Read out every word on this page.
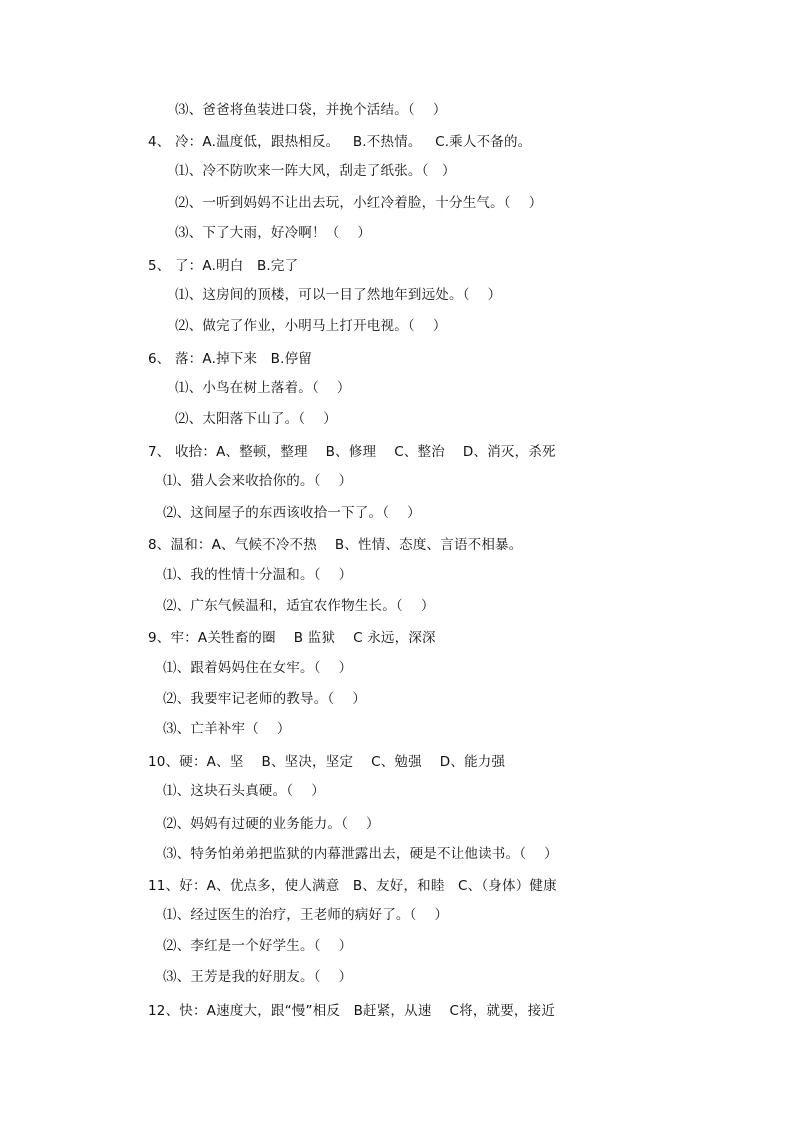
⑶、爸爸将鱼装进口袋，并挽个活结。（    ）
4、 冷：A.温度低，跟热相反。   B.不热情。   C.乘人不备的。
⑴、冷不防吹来一阵大风，刮走了纸张。（   ）
⑵、一听到妈妈不让出去玩，小红冷着脸，十分生气。（    ）
⑶、下了大雨，好冷啊！（    ）
5、 了：A.明白   B.完了
⑴、这房间的顶楼，可以一目了然地年到远处。（    ）
⑵、做完了作业，小明马上打开电视。（    ）
6、 落：A.掉下来   B.停留
⑴、小鸟在树上落着。（    ）
⑵、太阳落下山了。（    ）
7、 收拾：A、整顿，整理    B、修理    C、整治    D、消灭，杀死
⑴、猎人会来收拾你的。（    ）
⑵、这间屋子的东西该收拾一下了。（    ）
8、温和：A、气候不冷不热    B、性情、态度、言语不相暴。
⑴、我的性情十分温和。（    ）
⑵、广东气候温和，适宜农作物生长。（    ）
9、牢：A关牲畜的圈    B 监狱    C 永远，深深
⑴、跟着妈妈住在女牢。（    ）
⑵、我要牢记老师的教导。（    ）
⑶、亡羊补牢（    ）
10、硬：A、坚    B、坚决，坚定    C、勉强    D、能力强
⑴、这块石头真硬。（    ）
⑵、妈妈有过硬的业务能力。（    ）
⑶、特务怕弟弟把监狱的内幕泄露出去，硬是不让他读书。（    ）
11、好：A、优点多，使人满意   B、友好，和睦   C、（身体）健康
⑴、经过医生的治疗，王老师的病好了。（    ）
⑵、李红是一个好学生。（    ）
⑶、王芳是我的好朋友。（    ）
12、快：A速度大，跟“慢”相反   B赶紧，从速    C将，就要，接近
